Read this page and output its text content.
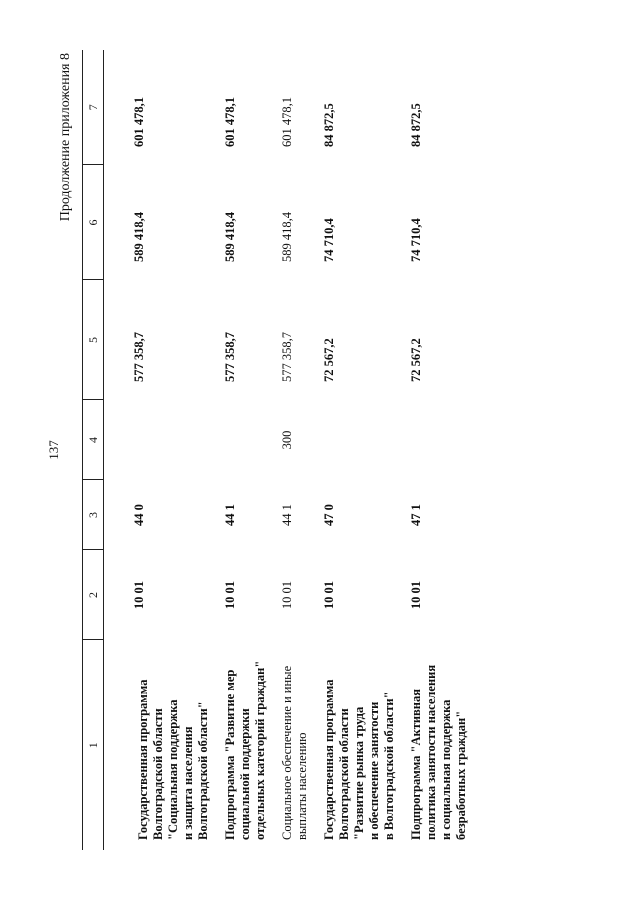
137
Продолжение приложения 8
1	2	3	4	5	6	7

Государственная программа Волгоградской области "Социальная поддержка и защита населения Волгоградской области"	10 01	44 0		577 358,7	589 418,4	601 478,1

Подпрограмма "Развитие мер социальной поддержки отдельных категорий граждан"	10 01	44 1		577 358,7	589 418,4	601 478,1

Социальное обеспечение и иные выплаты населению	10 01	44 1	300	577 358,7	589 418,4	601 478,1

Государственная программа Волгоградской области "Развитие рынка труда и обеспечение занятости в Волгоградской области"	10 01	47 0		72 567,2	74 710,4	84 872,5

Подпрограмма "Активная политика занятости населения и социальная поддержка безработных граждан"	10 01	47 1		72 567,2	74 710,4	84 872,5
